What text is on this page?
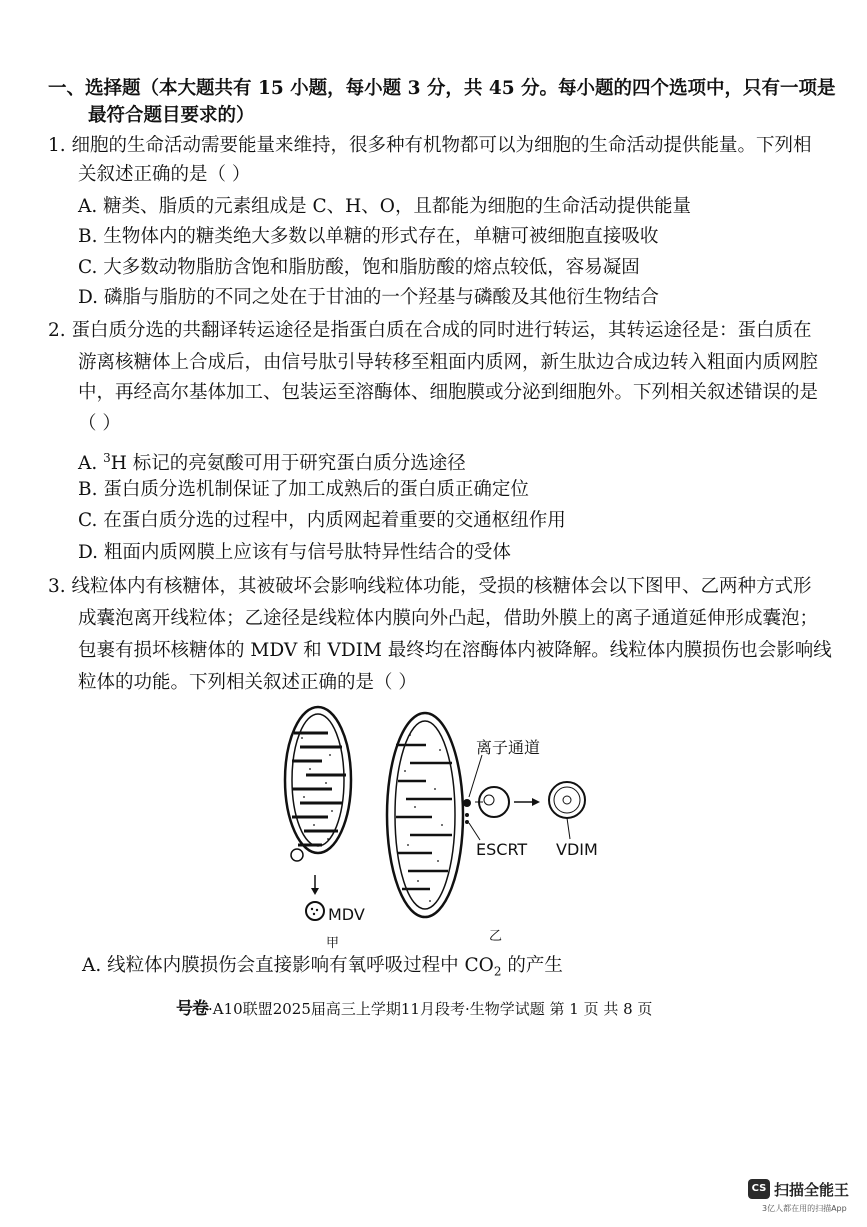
一、选择题（本大题共有 15 小题，每小题 3 分，共 45 分。每小题的四个选项中，只有一项是
最符合题目要求的）
1. 细胞的生命活动需要能量来维持，很多种有机物都可以为细胞的生命活动提供能量。下列相
关叙述正确的是（ ）
A. 糖类、脂质的元素组成是 C、H、O，且都能为细胞的生命活动提供能量
B. 生物体内的糖类绝大多数以单糖的形式存在，单糖可被细胞直接吸收
C. 大多数动物脂肪含饱和脂肪酸，饱和脂肪酸的熔点较低，容易凝固
D. 磷脂与脂肪的不同之处在于甘油的一个羟基与磷酸及其他衍生物结合
2. 蛋白质分选的共翻译转运途径是指蛋白质在合成的同时进行转运，其转运途径是：蛋白质在
游离核糖体上合成后，由信号肽引导转移至粗面内质网，新生肽边合成边转入粗面内质网腔
中，再经高尔基体加工、包装运至溶酶体、细胞膜或分泌到细胞外。下列相关叙述错误的是
（ ）
A. $^3$H 标记的亮氨酸可用于研究蛋白质分选途径
B. 蛋白质分选机制保证了加工成熟后的蛋白质正确定位
C. 在蛋白质分选的过程中，内质网起着重要的交通枢纽作用
D. 粗面内质网膜上应该有与信号肽特异性结合的受体
3. 线粒体内有核糖体，其被破坏会影响线粒体功能，受损的核糖体会以下图甲、乙两种方式形
成囊泡离开线粒体；乙途径是线粒体内膜向外凸起，借助外膜上的离子通道延伸形成囊泡；
包裹有损坏核糖体的 MDV 和 VDIM 最终均在溶酶体内被降解。线粒体内膜损伤也会影响线
粒体的功能。下列相关叙述正确的是（ ）
离子通道
ESCRT VDIM
MDV
甲	乙
A. 线粒体内膜损伤会直接影响有氧呼吸过程中 $CO_2$ 的产生
号卷·A10联盟2025届高三上学期11月段考·生物学试题 第 1 页 共 8 页
CS 扫描全能王
3亿人都在用的扫描App
